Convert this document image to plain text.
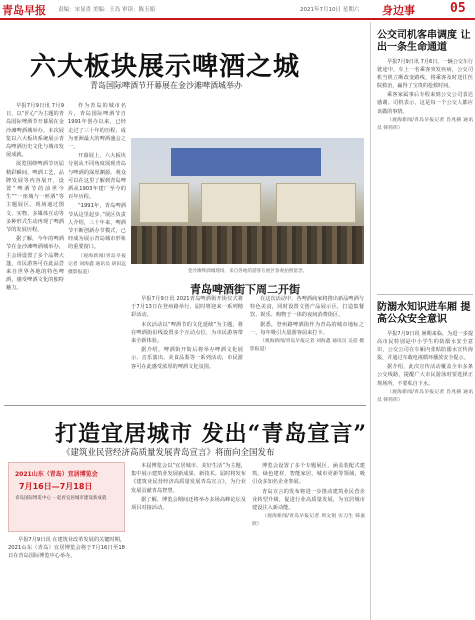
青岛早报 责编：宋显喜 美编：王岛 审读：陈玉娟	2021年7月10日 星期六 身边事	05
六大板块展示啤酒之城
青岛国际啤酒节开幕展在金沙滩啤酒城举办

早报7月9日讯 7月9日，以“匠心”为主题的青岛国际啤酒节开幕展在金沙滩啤酒城举办。本次展览以六大板块系统展示青岛啤酒历史文化与城市发展成就。

展览围绕啤酒节历届精彩瞬间、啤酒工艺、品牌发展等内容展开，设置“啤酒节的前世今生”“一座城与一杯酒”等主题展区，现场通过图文、实物、多媒体互动等多种形式生动再现了啤酒节的发展历程。

据了解，今年的啤酒节在金沙滩啤酒城举办，主会场设置了多个品牌大篷，市民游客可在此品尝来自世界各地的特色啤酒，感受啤酒文化的独特魅力。

作为青岛的城市名片，青岛国际啤酒节自1991年创办以来，已经走过了三十年的历程，成为亚洲最大的啤酒盛会之一。

开幕展上，六大板块分别从不同角度展现青岛与啤酒的深厚渊源。观众可以在这里了解到青岛啤酒从1903年建厂至今的百年历程。

“1991年，青岛啤酒节从这里起步。”展区负责人介绍，三十年来，啤酒节不断创新办节模式，已经成为展示青岛城市形象的重要窗口。

（观海新闻/青岛早报记者 刘海鑫 通讯员 胡田远 摄影报道）	金沙滩啤酒城现场，来自各地的游客在展区参观拍照留念。
青岛啤酒街下周二开街

早报7月9日讯 2021青岛啤酒街开街仪式将于7月13日在登州路举行，届时将迎来一系列精彩活动。

本次活动以“啤酒节的文化延续”为主题，将在啤酒街沿线设置多个互动点位，为市民游客带来全新体验。

据介绍，啤酒街开街后将举办啤酒文化展示、音乐演出、美食品鉴等一系列活动，市民游客可在此感受浓厚的啤酒文化氛围。

在这次活动中，各啤酒商家将推出新品啤酒与特色美食，同时设置文创产品展示区，打造集餐饮、娱乐、购物于一体的夜间消费街区。

据悉，登州路啤酒街作为青岛的城市地标之一，每年吸引大量游客前来打卡。

（观海新闻/青岛早报记者 刘海鑫 通讯员 吴蓓 摄影报道）

打造宜居城市 发出“青岛宣言”
《建筑业民营经济高质量发展青岛宣言》将面向全国发布
2021山东（青岛）宜居博览会
7月16日—7月18日
青岛国际博览中心 一起看宜居城市建设新成就

早报7月9日讯 在建筑业改革发展的关键时期，2021山东（青岛）宜居博览会将于7月16日至18日在青岛国际博览中心举办。

本届博览会以“宜居城市、美好生活”为主题，集中展示建筑业发展新成果、新技术。届时将发布《建筑业民营经济高质量发展青岛宣言》，为行业发展贡献青岛智慧。

据了解，博览会期间还将举办多场高峰论坛及项目对接活动。

博览会设置了多个专题展区，涵盖装配式建筑、绿色建材、智能家居、城市更新等领域，吸引众多知名企业参展。

青岛宣言的发布将进一步推动建筑业民营企业转型升级，促进行业高质量发展，为宜居城市建设注入新动能。

（观海新闻/青岛早报记者 周文娟 实习生 韩嘉欣）

公交司机客串调度 让出一条生命通道

早报7月9日讯 7月6日，一辆公交车行驶途中，车上一名乘客突发疾病，公交司机当机立断改变路线，将乘客及时送往医院救治，赢得了宝贵的抢救时间。

乘客家属事后专程来到公交公司表达感谢。司机表示，这是每一个公交人都应该做的事情。

（观海新闻/青岛早报记者 肖兆赫 通讯员 韩伟伟）

防溺水知识进车厢 提高公众安全意识

早报7月9日讯 暑期来临，为进一步提高市民特别是中小学生的防溺水安全意识，公交公司在车厢内张贴防溺水宣传海报，并通过车载电视循环播放安全提示。

据介绍，此次宣传活动覆盖全市多条公交线路，提醒广大市民游泳时要选择正规场所，不要私自下水。

（观海新闻/青岛早报记者 肖兆赫 通讯员 韩伟伟）
